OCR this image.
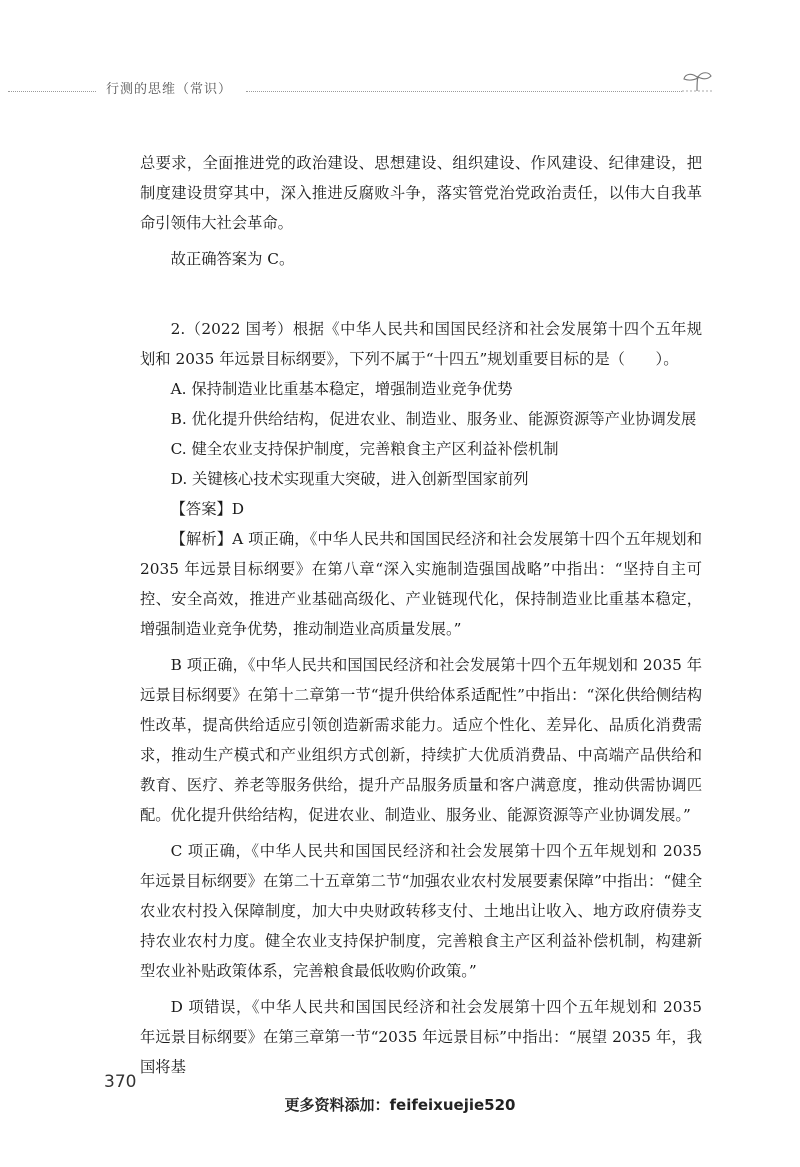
行测的思维（常识）

总要求，全面推进党的政治建设、思想建设、组织建设、作风建设、纪律建设，把制度建设贯穿其中，深入推进反腐败斗争，落实管党治党政治责任，以伟大自我革命引领伟大社会革命。

故正确答案为 C。

2.（2022 国考）根据《中华人民共和国国民经济和社会发展第十四个五年规划和 2035 年远景目标纲要》，下列不属于“十四五”规划重要目标的是（　　）。

A. 保持制造业比重基本稳定，增强制造业竞争优势

B. 优化提升供给结构，促进农业、制造业、服务业、能源资源等产业协调发展

C. 健全农业支持保护制度，完善粮食主产区利益补偿机制

D. 关键核心技术实现重大突破，进入创新型国家前列

【答案】D

【解析】A 项正确，《中华人民共和国国民经济和社会发展第十四个五年规划和 2035 年远景目标纲要》在第八章“深入实施制造强国战略”中指出：“坚持自主可控、安全高效，推进产业基础高级化、产业链现代化，保持制造业比重基本稳定，增强制造业竞争优势，推动制造业高质量发展。”

B 项正确，《中华人民共和国国民经济和社会发展第十四个五年规划和 2035 年远景目标纲要》在第十二章第一节“提升供给体系适配性”中指出：“深化供给侧结构性改革，提高供给适应引领创造新需求能力。适应个性化、差异化、品质化消费需求，推动生产模式和产业组织方式创新，持续扩大优质消费品、中高端产品供给和教育、医疗、养老等服务供给，提升产品服务质量和客户满意度，推动供需协调匹配。优化提升供给结构，促进农业、制造业、服务业、能源资源等产业协调发展。”

C 项正确，《中华人民共和国国民经济和社会发展第十四个五年规划和 2035 年远景目标纲要》在第二十五章第二节“加强农业农村发展要素保障”中指出：“健全农业农村投入保障制度，加大中央财政转移支付、土地出让收入、地方政府债券支持农业农村力度。健全农业支持保护制度，完善粮食主产区利益补偿机制，构建新型农业补贴政策体系，完善粮食最低收购价政策。”

D 项错误，《中华人民共和国国民经济和社会发展第十四个五年规划和 2035 年远景目标纲要》在第三章第一节“2035 年远景目标”中指出：“展望 2035 年，我国将基

370
更多资料添加：feifeixuejie520
